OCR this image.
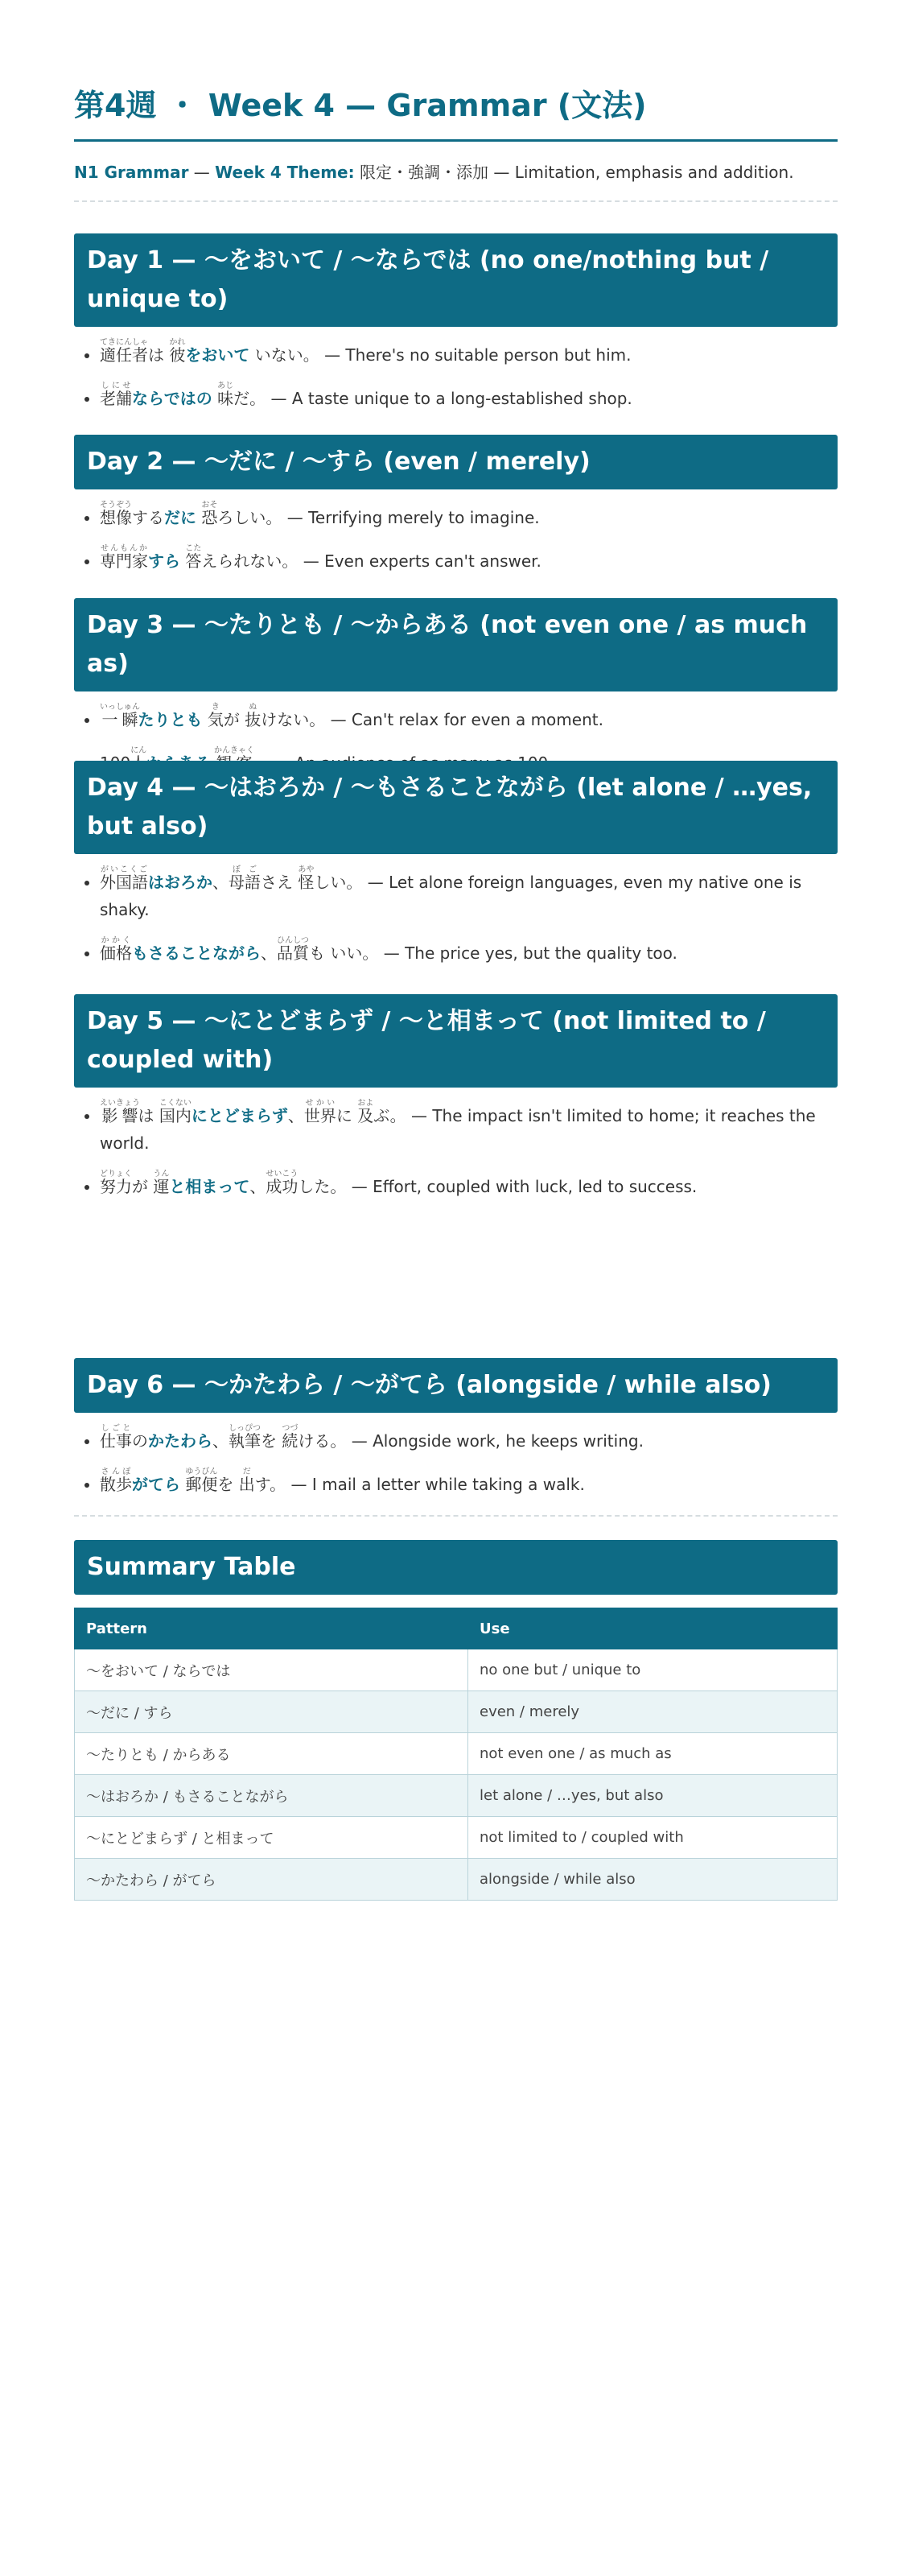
第4週 ・ Week 4 — Grammar (文法)
N1 Grammar — Week 4 Theme: 限定・強調・添加 — Limitation, emphasis and addition.
Day 1 — 〜をおいて / 〜ならでは (no one/nothing but / unique to)
• 適任者てきにんしゃは 彼かれをおいて いない。 — There's no suitable person but him.
• 老舗しにせならではの 味あじだ。 — A taste unique to a long-established shop.
Day 2 — 〜だに / 〜すら (even / merely)
• 想像そうぞうするだに 恐おそろしい。 — Terrifying merely to imagine.
• 専門家せんもんかすら 答こたえられない。 — Even experts can't answer.
Day 3 — 〜たりとも / 〜からある (not even one / as much as)
• 一瞬いっしゅんたりとも 気きが 抜ぬけない。 — Can't relax for even a moment.
• にん	かんきゃく
Day 4 — 〜はおろか / 〜もさることながら (let alone / …yes, but also)
• 外国語がいこくごはおろか、母語ぼごさえ 怪あやしい。 — Let alone foreign languages, even my native one is shaky.
• 価格かかくもさることながら、品質ひんしつも いい。 — The price yes, but the quality too.
Day 5 — 〜にとどまらず / 〜と相まって (not limited to / coupled with)
• 影響えいきょうは 国内こくないにとどまらず、世界せかいに 及およぶ。 — The impact isn't limited to home; it reaches the world.
• 努力どりょくが 運うんと相まって、成功せいこうした。 — Effort, coupled with luck, led to success.
Day 6 — 〜かたわら / 〜がてら (alongside / while also)
• 仕事しごとのかたわら、執筆しっぴつを 続つづける。 — Alongside work, he keeps writing.
• 散歩さんぽがてら 郵便ゆうびんを 出だす。 — I mail a letter while taking a walk.
Summary Table
Pattern	Use
〜をおいて / ならでは	no one but / unique to
〜だに / すら	even / merely
〜たりとも / からある	not even one / as much as
〜はおろか / もさることながら	let alone / …yes, but also
〜にとどまらず / と相まって	not limited to / coupled with
〜かたわら / がてら	alongside / while also
